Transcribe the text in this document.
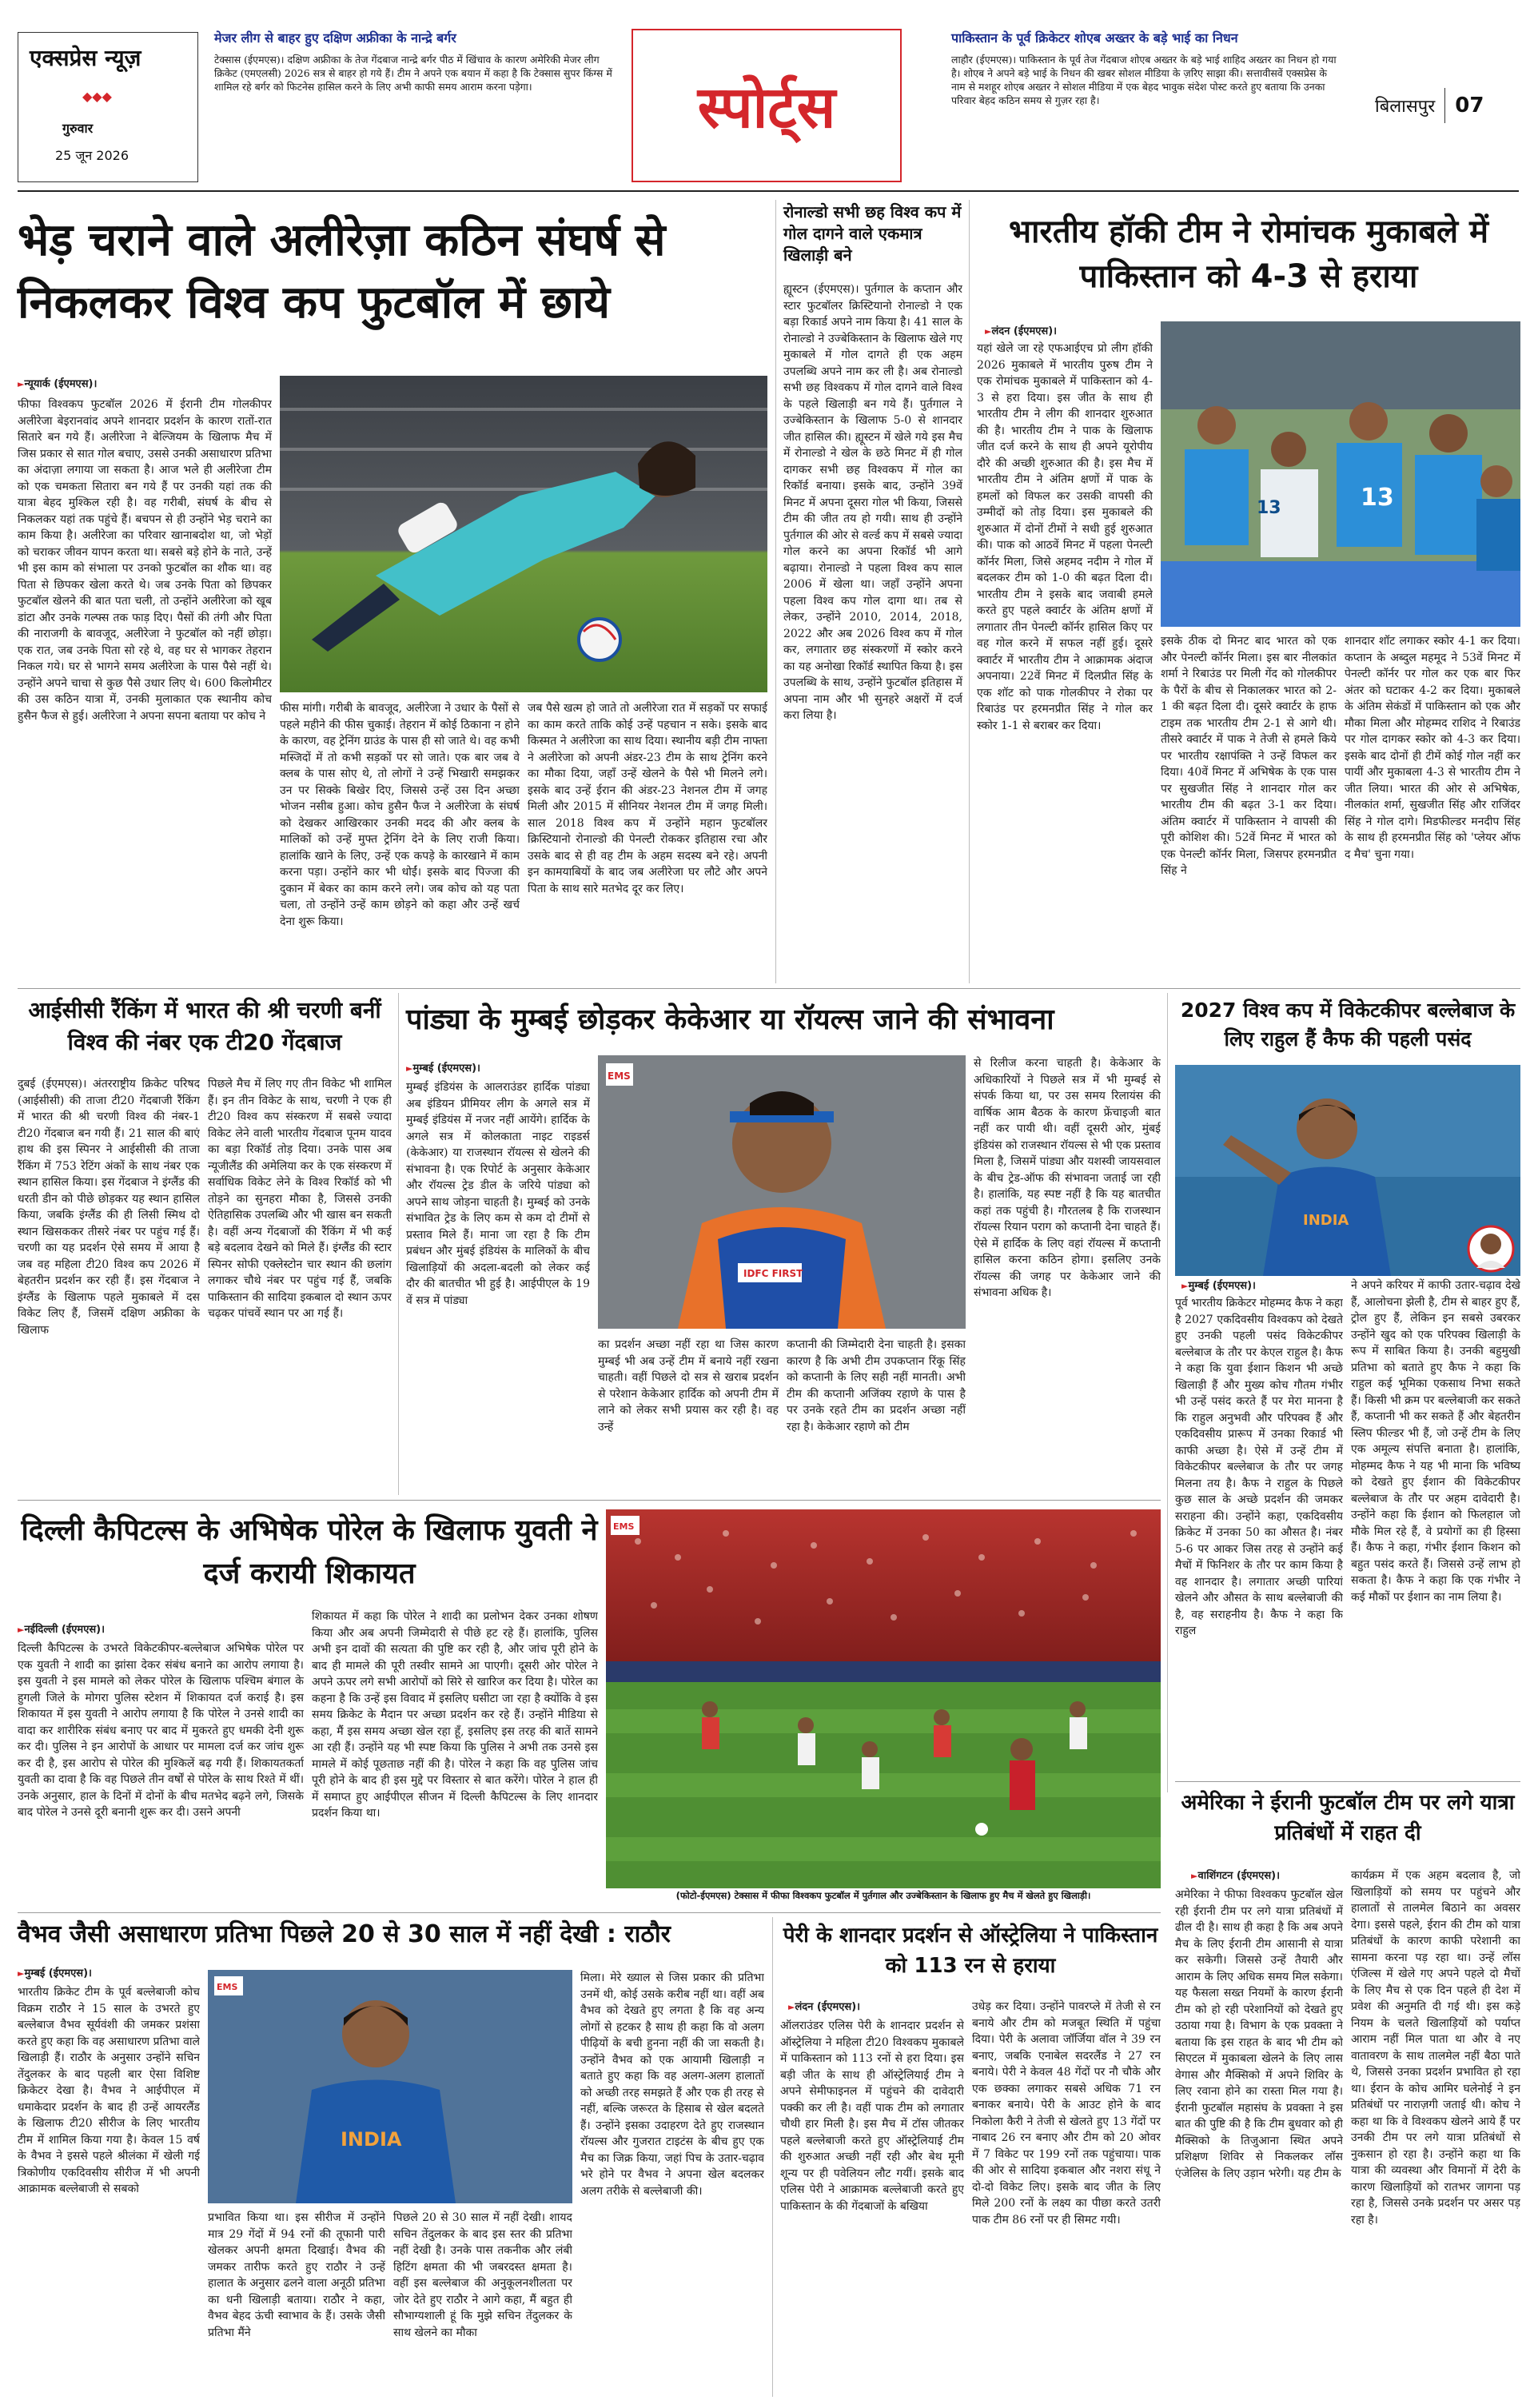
एक्सप्रेस न्यूज़
◆◆◆
गुरुवार
25 जून 2026
मेजर लीग से बाहर हुए दक्षिण अफ्रीका के नान्द्रे बर्गर
टेक्सास (ईएमएस)। दक्षिण अफ्रीका के तेज गेंदबाज नान्द्रे बर्गर पीठ में खिंचाव के कारण अमेरिकी मेजर लीग क्रिकेट (एमएलसी) 2026 सत्र से बाहर हो गये हैं। टीम ने अपने एक बयान में कहा है कि टेक्सास सुपर किंग्स में शामिल रहे बर्गर को फिटनेस हासिल करने के लिए अभी काफी समय आराम करना पड़ेगा।	स्पोर्ट्स
पाकिस्तान के पूर्व क्रिकेटर शोएब अख्तर के बड़े भाई का निधन
लाहौर (ईएमएस)। पाकिस्तान के पूर्व तेज गेंदबाज शोएब अख्तर के बड़े भाई शाहिद अख्तर का निधन हो गया है। शोएब ने अपने बड़े भाई के निधन की खबर सोशल मीडिया के ज़रिए साझा की। सत्तावीसवें एक्सप्रेस के नाम से मशहूर शोएब अख्तर ने सोशल मीडिया में एक बेहद भावुक संदेश पोस्ट करते हुए बताया कि उनका परिवार बेहद कठिन समय से गुज़र रहा है।	बिलासपुर 07
भेड़ चराने वाले अलीरेज़ा कठिन संघर्ष से निकलकर विश्व कप फुटबॉल में छाये
► न्यूयार्क (ईएमएस)।
फीफा विश्वकप फुटबॉल 2026 में ईरानी टीम गोलकीपर अलीरेजा बेइरानवांद अपने शानदार प्रदर्शन के कारण रातों-रात सितारे बन गये हैं। अलीरेजा ने बेल्जियम के खिलाफ मैच में जिस प्रकार से सात गोल बचाए, उससे उनकी असाधारण प्रतिभा का अंदाज़ा लगाया जा सकता है। आज भले ही अलीरेजा टीम को एक चमकता सितारा बन गये हैं पर उनकी यहां तक की यात्रा बेहद मुश्किल रही है। वह गरीबी, संघर्ष के बीच से निकलकर यहां तक पहुंचे हैं। बचपन से ही उन्होंने भेड़ चराने का काम किया है। अलीरेजा का परिवार खानाबदोश था, जो भेड़ों को चराकर जीवन यापन करता था। सबसे बड़े होने के नाते, उन्हें भी इस काम को संभाला पर उनको फुटबॉल का शौक था। वह पिता से छिपकर खेला करते थे। जब उनके पिता को छिपकर फुटबॉल खेलने की बात पता चली, तो उन्होंने अलीरेजा को खूब डांटा और उनके गल्फ्स तक फाड़ दिए। पैसों की तंगी और पिता की नाराजगी के बावजूद, अलीरेजा ने फुटबॉल को नहीं छोड़ा। एक रात, जब उनके पिता सो रहे थे, वह घर से भागकर तेहरान निकल गये। घर से भागने समय अलीरेजा के पास पैसे नहीं थे। उन्होंने अपने चाचा से कुछ पैसे उधार लिए थे। 600 किलोमीटर की उस कठिन यात्रा में, उनकी मुलाकात एक स्थानीय कोच हुसैन फैज से हुई। अलीरेजा ने अपना सपना बताया पर कोच ने
फीस मांगी। गरीबी के बावजूद, अलीरेजा ने उधार के पैसों से पहले महीने की फीस चुकाई। तेहरान में कोई ठिकाना न होने के कारण, वह ट्रेनिंग ग्राउंड के पास ही सो जाते थे। वह कभी मस्जिदों में तो कभी सड़कों पर सो जाते। एक बार जब वे क्लब के पास सोए थे, तो लोगों ने उन्हें भिखारी समझकर उन पर सिक्के बिखेर दिए, जिससे उन्हें उस दिन अच्छा भोजन नसीब हुआ। कोच हुसैन फैज ने अलीरेजा के संघर्ष को देखकर आखिरकार उनकी मदद की और क्लब के मालिकों को उन्हें मुफ्त ट्रेनिंग देने के लिए राजी किया। हालांकि खाने के लिए, उन्हें एक कपड़े के कारखाने में काम करना पड़ा। उन्होंने कार भी धोईं। इसके बाद पिज्जा की दुकान में बेकर का काम करने लगे। जब कोच को यह पता चला, तो उन्होंने उन्हें काम छोड़ने को कहा और उन्हें खर्च देना शुरू किया।
जब पैसे खत्म हो जाते तो अलीरेजा रात में सड़कों पर सफाई का काम करते ताकि कोई उन्हें पहचान न सके। इसके बाद किस्मत ने अलीरेजा का साथ दिया। स्थानीय बड़ी टीम नाफ्ता ने अलीरेजा को अपनी अंडर-23 टीम के साथ ट्रेनिंग करने का मौका दिया, जहाँ उन्हें खेलने के पैसे भी मिलने लगे। इसके बाद उन्हें ईरान की अंडर-23 नेशनल टीम में जगह मिली और 2015 में सीनियर नेशनल टीम में जगह मिली। साल 2018 विश्व कप में उन्होंने महान फुटबॉलर क्रिस्टियानो रोनाल्डो की पेनल्टी रोककर इतिहास रचा और उसके बाद से ही वह टीम के अहम सदस्य बने रहे। अपनी इन कामयाबियों के बाद जब अलीरेजा घर लौटे और अपने पिता के साथ सारे मतभेद दूर कर लिए।
रोनाल्डो सभी छह विश्व कप में गोल दागने वाले एकमात्र खिलाड़ी बने
ह्यूस्टन (ईएमएस)। पुर्तगाल के कप्तान और स्टार फुटबॉलर क्रिस्टियानो रोनाल्डो ने एक बड़ा रिकार्ड अपने नाम किया है। 41 साल के रोनाल्डो ने उज्बेकिस्तान के खिलाफ खेले गए मुकाबले में गोल दागते ही एक अहम उपलब्धि अपने नाम कर ली है। अब रोनाल्डो सभी छह विश्वकप में गोल दागने वाले विश्व के पहले खिलाड़ी बन गये हैं। पुर्तगाल ने उज्बेकिस्तान के खिलाफ 5-0 से शानदार जीत हासिल की। ह्यूस्टन में खेले गये इस मैच में रोनाल्डो ने खेल के छठे मिनट में ही गोल दागकर सभी छह विश्वकप में गोल का रिकॉर्ड बनाया। इसके बाद, उन्होंने 39वें मिनट में अपना दूसरा गोल भी किया, जिससे टीम की जीत तय हो गयी। साथ ही उन्होंने पुर्तगाल की ओर से वर्ल्ड कप में सबसे ज्यादा गोल करने का अपना रिकॉर्ड भी आगे बढ़ाया। रोनाल्डो ने पहला विश्व कप साल 2006 में खेला था। जहाँ उन्होंने अपना पहला विश्व कप गोल दागा था। तब से लेकर, उन्होंने 2010, 2014, 2018, 2022 और अब 2026 विश्व कप में गोल कर, लगातार छह संस्करणों में स्कोर करने का यह अनोखा रिकॉर्ड स्थापित किया है। इस उपलब्धि के साथ, उन्होंने फुटबॉल इतिहास में अपना नाम और भी सुनहरे अक्षरों में दर्ज करा लिया है।
भारतीय हॉकी टीम ने रोमांचक मुकाबले में पाकिस्तान को 4-3 से हराया
► लंदन (ईएमएस)।
यहां खेले जा रहे एफआईएच प्रो लीग हॉकी 2026 मुकाबले में भारतीय पुरुष टीम ने एक रोमांचक मुकाबले में पाकिस्तान को 4-3 से हरा दिया। इस जीत के साथ ही भारतीय टीम ने लीग की शानदार शुरुआत की है। भारतीय टीम ने पाक के खिलाफ जीत दर्ज करने के साथ ही अपने यूरोपीय दौरे की अच्छी शुरुआत की है। इस मैच में भारतीय टीम ने अंतिम क्षणों में पाक के हमलों को विफल कर उसकी वापसी की उम्मीदों को तोड़ दिया। इस मुकाबले की शुरुआत में दोनों टीमों ने सधी हुई शुरुआत की। पाक को आठवें मिनट में पहला पेनल्टी कॉर्नर मिला, जिसे अहमद नदीम ने गोल में बदलकर टीम को 1-0 की बढ़त दिला दी। भारतीय टीम ने इसके बाद जवाबी हमले करते हुए पहले क्वार्टर के अंतिम क्षणों में लगातार तीन पेनल्टी कॉर्नर हासिल किए पर वह गोल करने में सफल नहीं हुई। दूसरे क्वार्टर में भारतीय टीम ने आक्रामक अंदाज अपनाया। 22वें मिनट में दिलप्रीत सिंह के एक शॉट को पाक गोलकीपर ने रोका पर रिबाउंड पर हरमनप्रीत सिंह ने गोल कर स्कोर 1-1 से बराबर कर दिया।
13
13
इसके ठीक दो मिनट बाद भारत को एक और पेनल्टी कॉर्नर मिला। इस बार नीलकांत शर्मा ने रिबाउंड पर मिली गेंद को गोलकीपर के पैरों के बीच से निकालकर भारत को 2-1 की बढ़त दिला दी। दूसरे क्वार्टर के हाफ टाइम तक भारतीय टीम 2-1 से आगे थी। तीसरे क्वार्टर में पाक ने तेजी से हमले किये पर भारतीय रक्षापंक्ति ने उन्हें विफल कर दिया। 40वें मिनट में अभिषेक के एक पास पर सुखजीत सिंह ने शानदार गोल कर भारतीय टीम की बढ़त 3-1 कर दिया। अंतिम क्वार्टर में पाकिस्तान ने वापसी की पूरी कोशिश की। 52वें मिनट में भारत को एक पेनल्टी कॉर्नर मिला, जिसपर हरमनप्रीत सिंह ने
शानदार शॉट लगाकर स्कोर 4-1 कर दिया। कप्तान के अब्दुल महमूद ने 53वें मिनट में पेनल्टी कॉर्नर पर गोल कर एक बार फिर अंतर को घटाकर 4-2 कर दिया। मुकाबले के अंतिम सेकंडों में पाकिस्तान को एक और मौका मिला और मोहम्मद राशिद ने रिबाउंड पर गोल दागकर स्कोर को 4-3 कर दिया। इसके बाद दोनों ही टीमें कोई गोल नहीं कर पायीं और मुकाबला 4-3 से भारतीय टीम ने जीत लिया। भारत की ओर से अभिषेक, नीलकांत शर्मा, सुखजीत सिंह और राजिंदर सिंह ने गोल दागे। मिडफील्डर मनदीप सिंह के साथ ही हरमनप्रीत सिंह को 'प्लेयर ऑफ द मैच' चुना गया।
आईसीसी रैंकिंग में भारत की श्री चरणी बनीं विश्व की नंबर एक टी20 गेंदबाज
दुबई (ईएमएस)। अंतरराष्ट्रीय क्रिकेट परिषद (आईसीसी) की ताजा टी20 गेंदबाजी रैंकिंग में भारत की श्री चरणी विश्व की नंबर-1 टी20 गेंदबाज बन गयी हैं। 21 साल की बाएं हाथ की इस स्पिनर ने आईसीसी की ताजा रैंकिंग में 753 रेटिंग अंकों के साथ नंबर एक स्थान हासिल किया। इस गेंदबाज ने इंग्लैंड की धरती डीन को पीछे छोड़कर यह स्थान हासिल किया, जबकि इंग्लैंड की ही लिसी स्मिथ दो स्थान खिसककर तीसरे नंबर पर पहुंच गई हैं। चरणी का यह प्रदर्शन ऐसे समय में आया है जब वह महिला टी20 विश्व कप 2026 में बेहतरीन प्रदर्शन कर रही हैं। इस गेंदबाज ने इंग्लैंड के खिलाफ पहले मुकाबले में दस विकेट लिए हैं, जिसमें दक्षिण अफ्रीका के खिलाफ
पिछले मैच में लिए गए तीन विकेट भी शामिल हैं। इन तीन विकेट के साथ, चरणी ने एक ही टी20 विश्व कप संस्करण में सबसे ज्यादा विकेट लेने वाली भारतीय गेंदबाज पूनम यादव का बड़ा रिकॉर्ड तोड़ दिया। उनके पास अब न्यूजीलैंड की अमेलिया कर के एक संस्करण में सर्वाधिक विकेट लेने के विश्व रिकॉर्ड को भी तोड़ने का सुनहरा मौका है, जिससे उनकी ऐतिहासिक उपलब्धि और भी खास बन सकती है। वहीं अन्य गेंदबाजों की रैंकिंग में भी कई बड़े बदलाव देखने को मिले हैं। इंग्लैंड की स्टार स्पिनर सोफी एक्लेस्टोन चार स्थान की छलांग लगाकर चौथे नंबर पर पहुंच गई हैं, जबकि पाकिस्तान की सादिया इकबाल दो स्थान ऊपर चढ़कर पांचवें स्थान पर आ गई हैं।
पांड्या के मुम्बई छोड़कर केकेआर या रॉयल्स जाने की संभावना
► मुम्बई (ईएमएस)।
मुम्बई इंडियंस के आलराउंडर हार्दिक पांड्या अब इंडियन प्रीमियर लीग के अगले सत्र में मुम्बई इंडियंस में नजर नहीं आयेंगे। हार्दिक के अगले सत्र में कोलकाता नाइट राइडर्स (केकेआर) या राजस्थान रॉयल्स से खेलने की संभावना है। एक रिपोर्ट के अनुसार केकेआर और रॉयल्स ट्रेड डील के जरिये पांड्या को अपने साथ जोड़ना चाहती है। मुम्बई को उनके संभावित ट्रेड के लिए कम से कम दो टीमों से प्रस्ताव मिले हैं। माना जा रहा है कि टीम प्रबंधन और मुंबई इंडियंस के मालिकों के बीच खिलाड़ियों की अदला-बदली को लेकर कई दौर की बातचीत भी हुई है। आईपीएल के 19 वें सत्र में पांड्या
IDFC FIRST
EMS
का प्रदर्शन अच्छा नहीं रहा था जिस कारण मुम्बई भी अब उन्हें टीम में बनाये नहीं रखना चाहती। वहीं पिछले दो सत्र से खराब प्रदर्शन से परेशान केकेआर हार्दिक को अपनी टीम में लाने को लेकर सभी प्रयास कर रही है। वह उन्हें
कप्तानी की जिम्मेदारी देना चाहती है। इसका कारण है कि अभी टीम उपकप्तान रिंकू सिंह को कप्तानी के लिए सही नहीं मानती। अभी टीम की कप्तानी अजिंक्य रहाणे के पास है पर उनके रहते टीम का प्रदर्शन अच्छा नहीं रहा है। केकेआर रहाणे को टीम
से रिलीज करना चाहती है। केकेआर के अधिकारियों ने पिछले सत्र में भी मुम्बई से संपर्क किया था, पर उस समय रिलायंस की वार्षिक आम बैठक के कारण फ्रेंचाइजी बात नहीं कर पायी थी। वहीं दूसरी ओर, मुंबई इंडियंस को राजस्थान रॉयल्स से भी एक प्रस्ताव मिला है, जिसमें पांड्या और यशस्वी जायसवाल के बीच ट्रेड-ऑफ की संभावना जताई जा रही है। हालांकि, यह स्पष्ट नहीं है कि यह बातचीत कहां तक पहुंची है। गौरतलब है कि राजस्थान रॉयल्स रियान पराग को कप्तानी देना चाहते हैं। ऐसे में हार्दिक के लिए वहां रॉयल्स में कप्तानी हासिल करना कठिन होगा। इसलिए उनके रॉयल्स की जगह पर केकेआर जाने की संभावना अधिक है।
2027 विश्व कप में विकेटकीपर बल्लेबाज के लिए राहुल हैं कैफ की पहली पसंद
INDIA
► मुम्बई (ईएमएस)।
पूर्व भारतीय क्रिकेटर मोहम्मद कैफ ने कहा है 2027 एकदिवसीय विश्वकप को देखते हुए उनकी पहली पसंद विकेटकीपर बल्लेबाज के तौर पर केएल राहुल है। कैफ ने कहा कि युवा ईशान किशन भी अच्छे खिलाड़ी हैं और मुख्य कोच गौतम गंभीर भी उन्हें पसंद करते हैं पर मेरा मानना है कि राहुल अनुभवी और परिपक्व हैं और एकदिवसीय प्रारूप में उनका रिकार्ड भी काफी अच्छा है। ऐसे में उन्हें टीम में विकेटकीपर बल्लेबाज के तौर पर जगह मिलना तय है। कैफ ने राहुल के पिछले कुछ साल के अच्छे प्रदर्शन की जमकर सराहना की। उन्होंने कहा, एकदिवसीय क्रिकेट में उनका 50 का औसत है। नंबर 5-6 पर आकर जिस तरह से उन्होंने कई मैचों में फिनिशर के तौर पर काम किया है वह शानदार है। लगातार अच्छी पारियां खेलने और औसत के साथ बल्लेबाजी की है, वह सराहनीय है। कैफ ने कहा कि राहुल
ने अपने करियर में काफी उतार-चढ़ाव देखे हैं, आलोचना झेली है, टीम से बाहर हुए हैं, ट्रोल हुए हैं, लेकिन इन सबसे उबरकर उन्होंने खुद को एक परिपक्व खिलाड़ी के रूप में साबित किया है। उनकी बहुमुखी प्रतिभा को बताते हुए कैफ ने कहा कि राहुल कई भूमिका एकसाथ निभा सकते हैं। किसी भी क्रम पर बल्लेबाजी कर सकते हैं, कप्तानी भी कर सकते हैं और बेहतरीन स्लिप फील्डर भी हैं, जो उन्हें टीम के लिए एक अमूल्य संपत्ति बनाता है। हालांकि, मोहम्मद कैफ ने यह भी माना कि भविष्य को देखते हुए ईशान की विकेटकीपर बल्लेबाज के तौर पर अहम दावेदारी है। उन्होंने कहा कि ईशान को फिलहाल जो मौके मिल रहे हैं, वे प्रयोगों का ही हिस्सा हैं। कैफ ने कहा, गंभीर ईशान किशन को बहुत पसंद करते हैं। जिससे उन्हें लाभ हो सकता है। कैफ ने कहा कि एक गंभीर ने कई मौकों पर ईशान का नाम लिया है।
दिल्ली कैपिटल्स के अभिषेक पोरेल के खिलाफ युवती ने दर्ज करायी शिकायत
► नईदिल्ली (ईएमएस)।
दिल्ली कैपिटल्स के उभरते विकेटकीपर-बल्लेबाज अभिषेक पोरेल पर एक युवती ने शादी का झांसा देकर संबंध बनाने का आरोप लगाया है। इस युवती ने इस मामले को लेकर पोरेल के खिलाफ पश्चिम बंगाल के हुगली जिले के मोगरा पुलिस स्टेशन में शिकायत दर्ज कराई है। इस शिकायत में इस युवती ने आरोप लगाया है कि पोरेल ने उनसे शादी का वादा कर शारीरिक संबंध बनाए पर बाद में मुकरते हुए धमकी देनी शुरू कर दी। पुलिस ने इन आरोपों के आधार पर मामला दर्ज कर जांच शुरू कर दी है, इस आरोप से पोरेल की मुश्किलें बढ़ गयी हैं। शिकायतकर्ता युवती का दावा है कि वह पिछले तीन वर्षों से पोरेल के साथ रिश्ते में थीं। उनके अनुसार, हाल के दिनों में दोनों के बीच मतभेद बढ़ने लगे, जिसके बाद पोरेल ने उनसे दूरी बनानी शुरू कर दी। उसने अपनी
शिकायत में कहा कि पोरेल ने शादी का प्रलोभन देकर उनका शोषण किया और अब अपनी जिम्मेदारी से पीछे हट रहे हैं। हालांकि, पुलिस अभी इन दावों की सत्यता की पुष्टि कर रही है, और जांच पूरी होने के बाद ही मामले की पूरी तस्वीर सामने आ पाएगी। दूसरी ओर पोरेल ने अपने ऊपर लगे सभी आरोपों को सिरे से खारिज कर दिया है। पोरेल का कहना है कि उन्हें इस विवाद में इसलिए घसीटा जा रहा है क्योंकि वे इस समय क्रिकेट के मैदान पर अच्छा प्रदर्शन कर रहे हैं। उन्होंने मीडिया से कहा, मैं इस समय अच्छा खेल रहा हूँ, इसलिए इस तरह की बातें सामने आ रही हैं। उन्होंने यह भी स्पष्ट किया कि पुलिस ने अभी तक उनसे इस मामले में कोई पूछताछ नहीं की है। पोरेल ने कहा कि वह पुलिस जांच पूरी होने के बाद ही इस मुद्दे पर विस्तार से बात करेंगे। पोरेल ने हाल ही में समाप्त हुए आईपीएल सीजन में दिल्ली कैपिटल्स के लिए शानदार प्रदर्शन किया था।
EMS
(फोटो-ईएमएस) टेक्सास में फीफा विश्वकप फुटबॉल में पुर्तगाल और उज्बेकिस्तान के खिलाफ हुए मैच में खेलते हुए खिलाड़ी।
अमेरिका ने ईरानी फुटबॉल टीम पर लगे यात्रा प्रतिबंधों में राहत दी
► वाशिंगटन (ईएमएस)।
अमेरिका ने फीफा विश्वकप फुटबॉल खेल रही ईरानी टीम पर लगे यात्रा प्रतिबंधों में ढील दी है। साथ ही कहा है कि अब अपने मैच के लिए ईरानी टीम आसानी से यात्रा कर सकेगी। जिससे उन्हें तैयारी और आराम के लिए अधिक समय मिल सकेगा। यह फैसला सख्त नियमों के कारण ईरानी टीम को हो रही परेशानियों को देखते हुए उठाया गया है। विभाग के एक प्रवक्ता ने बताया कि इस राहत के बाद भी टीम को सिएटल में मुकाबला खेलने के लिए लास वेगास और मैक्सिको में अपने शिविर के लिए रवाना होने का रास्ता मिल गया है। ईरानी फुटबॉल महासंघ के प्रवक्ता ने इस बात की पुष्टि की है कि टीम बुधवार को ही मैक्सिको के तिजुआना स्थित अपने प्रशिक्षण शिविर से निकलकर लॉस एंजेलिस के लिए उड़ान भरेगी। यह टीम के
कार्यक्रम में एक अहम बदलाव है, जो खिलाड़ियों को समय पर पहुंचने और हालातों से तालमेल बिठाने का अवसर देगा। इससे पहले, ईरान की टीम को यात्रा प्रतिबंधों के कारण काफी परेशानी का सामना करना पड़ रहा था। उन्हें लॉस एंजिल्स में खेले गए अपने पहले दो मैचों के लिए मैच से एक दिन पहले ही देश में प्रवेश की अनुमति दी गई थी। इस कड़े नियम के चलते खिलाड़ियों को पर्याप्त आराम नहीं मिल पाता था और वे नए वातावरण के साथ तालमेल नहीं बैठा पाते थे, जिससे उनका प्रदर्शन प्रभावित हो रहा था। ईरान के कोच आमिर घलेनोई ने इन प्रतिबंधों पर नाराज़गी जताई थी। कोच ने कहा था कि वे विश्वकप खेलने आये हैं पर उनकी टीम पर लगे यात्रा प्रतिबंधों से नुकसान हो रहा है। उन्होंने कहा था कि यात्रा की व्यवस्था और विमानों में देरी के कारण खिलाड़ियों को रातभर जागना पड़ रहा है, जिससे उनके प्रदर्शन पर असर पड़ रहा है।
वैभव जैसी असाधारण प्रतिभा पिछले 20 से 30 साल में नहीं देखी : राठौर
► मुम्बई (ईएमएस)।
भारतीय क्रिकेट टीम के पूर्व बल्लेबाजी कोच विक्रम राठौर ने 15 साल के उभरते हुए बल्लेबाज वैभव सूर्यवंशी की जमकर प्रशंसा करते हुए कहा कि वह असाधारण प्रतिभा वाले खिलाड़ी हैं। राठौर के अनुसार उन्होंने सचिन तेंदुलकर के बाद पहली बार ऐसा विशिष्ट क्रिकेटर देखा है। वैभव ने आईपीएल में धमाकेदार प्रदर्शन के बाद ही उन्हें आयरलैंड के खिलाफ टी20 सीरीज के लिए भारतीय टीम में शामिल किया गया है। केवल 15 वर्ष के वैभव ने इससे पहले श्रीलंका में खेली गई त्रिकोणीय एकदिवसीय सीरीज में भी अपनी आक्रामक बल्लेबाजी से सबको
INDIA
EMS
प्रभावित किया था। इस सीरीज में उन्होंने मात्र 29 गेंदों में 94 रनों की तूफानी पारी खेलकर अपनी क्षमता दिखाई। वैभव की जमकर तारीफ करते हुए राठौर ने उन्हें हालात के अनुसार ढलने वाला अनूठी प्रतिभा का धनी खिलाड़ी बताया। राठौर ने कहा, वैभव बेहद ऊंची स्वाभाव के हैं। उसके जैसी प्रतिभा मैंने
पिछले 20 से 30 साल में नहीं देखी। शायद सचिन तेंदुलकर के बाद इस स्तर की प्रतिभा नहीं देखी है। उनके पास तकनीक और लंबी हिटिंग क्षमता की भी जबरदस्त क्षमता है। वहीं इस बल्लेबाज की अनुकूलनशीलता पर जोर देते हुए राठौर ने आगे कहा, मैं बहुत ही सौभाग्यशाली हूं कि मुझे सचिन तेंदुलकर के साथ खेलने का मौका
मिला। मेरे ख्याल से जिस प्रकार की प्रतिभा उनमें थी, कोई उसके करीब नहीं था। वहीं अब वैभव को देखते हुए लगता है कि वह अन्य लोगों से हटकर है साथ ही कहा कि वो अलग पीढ़ियों के बची हुनना नहीं की जा सकती है। उन्होंने वैभव को एक आयामी खिलाड़ी न बताते हुए कहा कि वह अलग-अलग हालातों को अच्छी तरह समझते हैं और एक ही तरह से नहीं, बल्कि जरूरत के हिसाब से खेल बदलते हैं। उन्होंने इसका उदाहरण देते हुए राजस्थान रॉयल्स और गुजरात टाइटंस के बीच हुए एक मैच का जिक्र किया, जहां पिच के उतार-चढ़ाव भरे होने पर वैभव ने अपना खेल बदलकर अलग तरीके से बल्लेबाजी की।
पेरी के शानदार प्रदर्शन से ऑस्ट्रेलिया ने पाकिस्तान को 113 रन से हराया
► लंदन (ईएमएस)।
ऑलराउंडर एलिस पेरी के शानदार प्रदर्शन से ऑस्ट्रेलिया ने महिला टी20 विश्वकप मुकाबले में पाकिस्तान को 113 रनों से हरा दिया। इस बड़ी जीत के साथ ही ऑस्ट्रेलियाई टीम ने अपने सेमीफाइनल में पहुंचने की दावेदारी पक्की कर ली है। वहीं पाक टीम को लगातार चौथी हार मिली है। इस मैच में टॉस जीतकर पहले बल्लेबाजी करते हुए ऑस्ट्रेलियाई टीम की शुरुआत अच्छी नहीं रही और बेथ मूनी शून्य पर ही पवेलियन लौट गयीं। इसके बाद एलिस पेरी ने आक्रामक बल्लेबाजी करते हुए पाकिस्तान के की गेंदबाजों के बखिया
उधेड़ कर दिया। उन्होंने पावरप्ले में तेजी से रन बनाये और टीम को मजबूत स्थिति में पहुंचा दिया। पेरी के अलावा जॉर्जिया वॉल ने 39 रन बनाए, जबकि एनाबेल सदरलैंड ने 27 रन बनाये। पेरी ने केवल 48 गेंदों पर नौ चौके और एक छक्का लगाकर सबसे अधिक 71 रन बनाकर बनाये। पेरी के आउट होने के बाद निकोला कैरी ने तेजी से खेलते हुए 13 गेंदों पर नाबाद 26 रन बनाए और टीम को 20 ओवर में 7 विकेट पर 199 रनों तक पहुंचाया। पाक की ओर से सादिया इकबाल और नशरा संधू ने दो-दो विकेट लिए। इसके बाद जीत के लिए मिले 200 रनों के लक्ष्य का पीछा करते उतरी पाक टीम 86 रनों पर ही सिमट गयी।
